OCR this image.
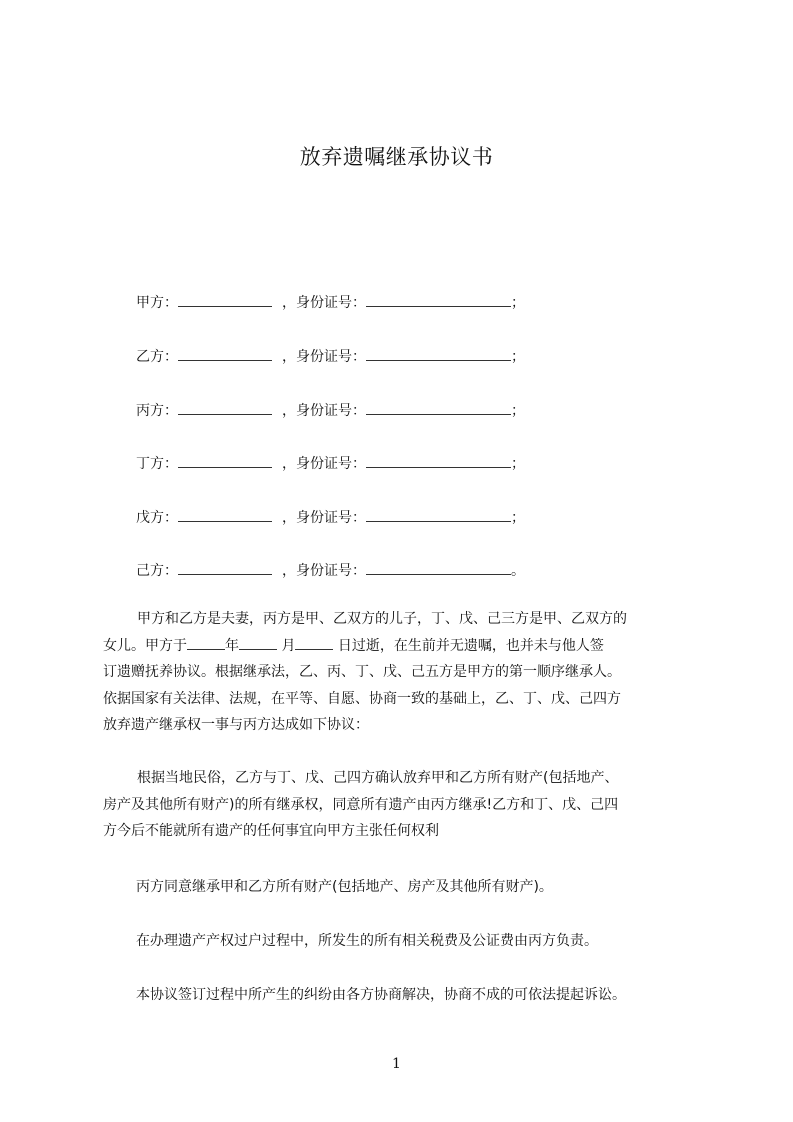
放弃遗嘱继承协议书
甲方：	，身份证号：	；
乙方：	，身份证号：	；
丙方：	，身份证号：	；
丁方：	，身份证号：	；
戊方：	，身份证号：	；
己方：	，身份证号：	。
甲方和乙方是夫妻，丙方是甲、乙双方的儿子，丁、戊、己三方是甲、乙双方的
女儿。甲方于	年	月	日过逝，在生前并无遗嘱，也并未与他人签
订遗赠抚养协议。根据继承法，乙、丙、丁、戊、己五方是甲方的第一顺序继承人。
依据国家有关法律、法规，在平等、自愿、协商一致的基础上，乙、丁、戊、己四方
放弃遗产继承权一事与丙方达成如下协议：
根据当地民俗，乙方与丁、戊、己四方确认放弃甲和乙方所有财产(包括地产、
房产及其他所有财产)的所有继承权，同意所有遗产由丙方继承!乙方和丁、戊、己四
方今后不能就所有遗产的任何事宜向甲方主张任何权利
丙方同意继承甲和乙方所有财产(包括地产、房产及其他所有财产)。
在办理遗产产权过户过程中，所发生的所有相关税费及公证费由丙方负责。
本协议签订过程中所产生的纠纷由各方协商解决，协商不成的可依法提起诉讼。
1
